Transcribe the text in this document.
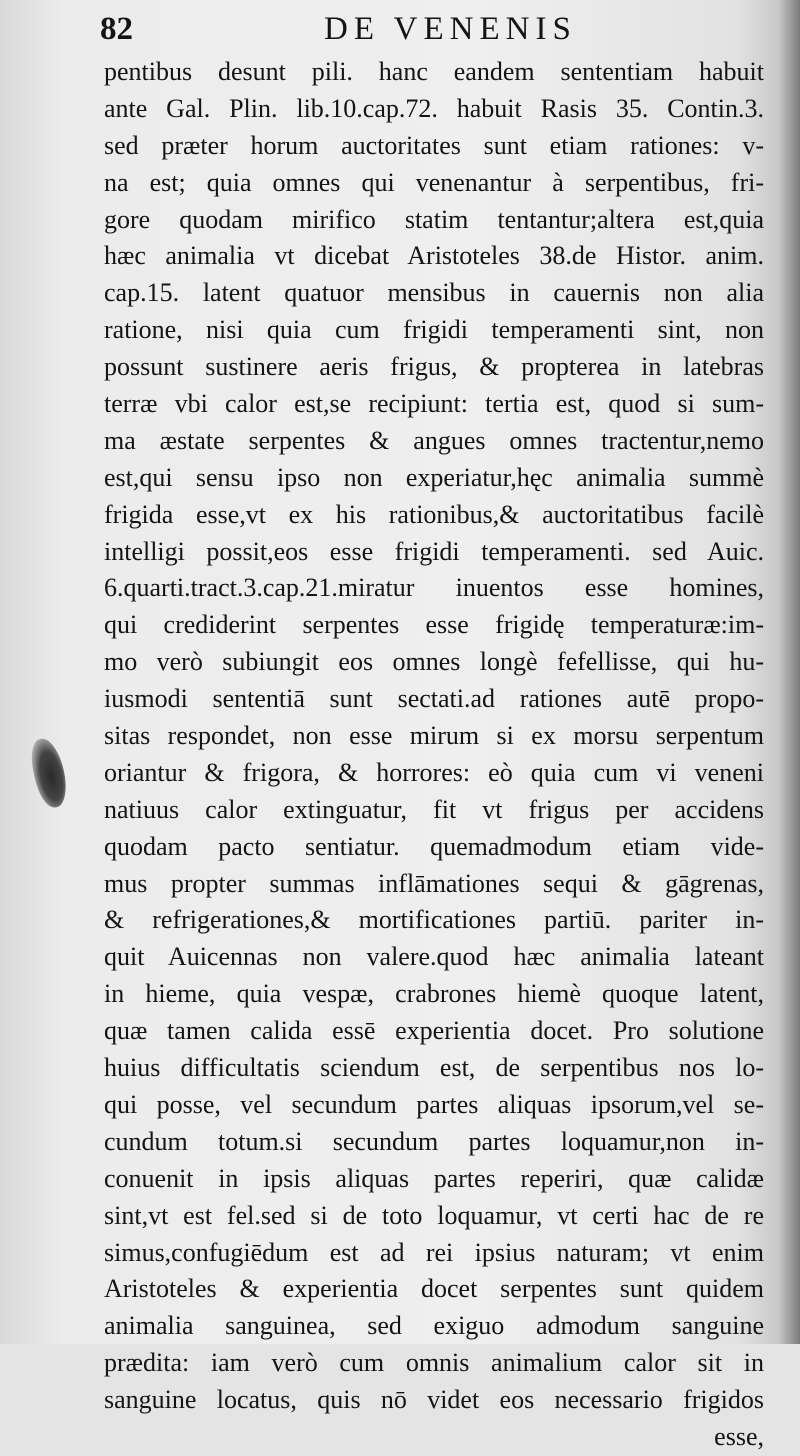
82	DE VENENIS
pentibus desunt pili. hanc eandem sententiam habuit
ante Gal. Plin. lib.10.cap.72. habuit Rasis 35. Contin.3.
sed præter horum auctoritates sunt etiam rationes: v-
na est; quia omnes qui venenantur à serpentibus, fri-
gore quodam mirifico statim tentantur;altera est,quia
hæc animalia vt dicebat Aristoteles 38.de Histor. anim.
cap.15. latent quatuor mensibus in cauernis non alia
ratione, nisi quia cum frigidi temperamenti sint, non
possunt sustinere aeris frigus, & propterea in latebras
terræ vbi calor est,se recipiunt: tertia est, quod si sum-
ma æstate serpentes & angues omnes tractentur,nemo
est,qui sensu ipso non experiatur,hęc animalia summè
frigida esse,vt ex his rationibus,& auctoritatibus facilè
intelligi possit,eos esse frigidi temperamenti. sed Auic.
6.quarti.tract.3.cap.21.miratur inuentos esse homines,
qui crediderint serpentes esse frigidę temperaturæ:im-
mo verò subiungit eos omnes longè fefellisse, qui hu-
iusmodi sententiā sunt sectati.ad rationes autē propo-
sitas respondet, non esse mirum si ex morsu serpentum
oriantur & frigora, & horrores: eò quia cum vi veneni
natiuus calor extinguatur, fit vt frigus per accidens
quodam pacto sentiatur. quemadmodum etiam vide-
mus propter summas inflāmationes sequi & gāgrenas,
& refrigerationes,& mortificationes partiū. pariter in-
quit Auicennas non valere.quod hæc animalia lateant
in hieme, quia vespæ, crabrones hiemè quoque latent,
quæ tamen calida essē experientia docet. Pro solutione
huius difficultatis sciendum est, de serpentibus nos lo-
qui posse, vel secundum partes aliquas ipsorum,vel se-
cundum totum.si secundum partes loquamur,non in-
conuenit in ipsis aliquas partes reperiri, quæ calidæ
sint,vt est fel.sed si de toto loquamur, vt certi hac de re
simus,confugiēdum est ad rei ipsius naturam; vt enim
Aristoteles & experientia docet serpentes sunt quidem
animalia sanguinea, sed exiguo admodum sanguine
prædita: iam verò cum omnis animalium calor sit in
sanguine locatus, quis nō videt eos necessario frigidos
esse,
